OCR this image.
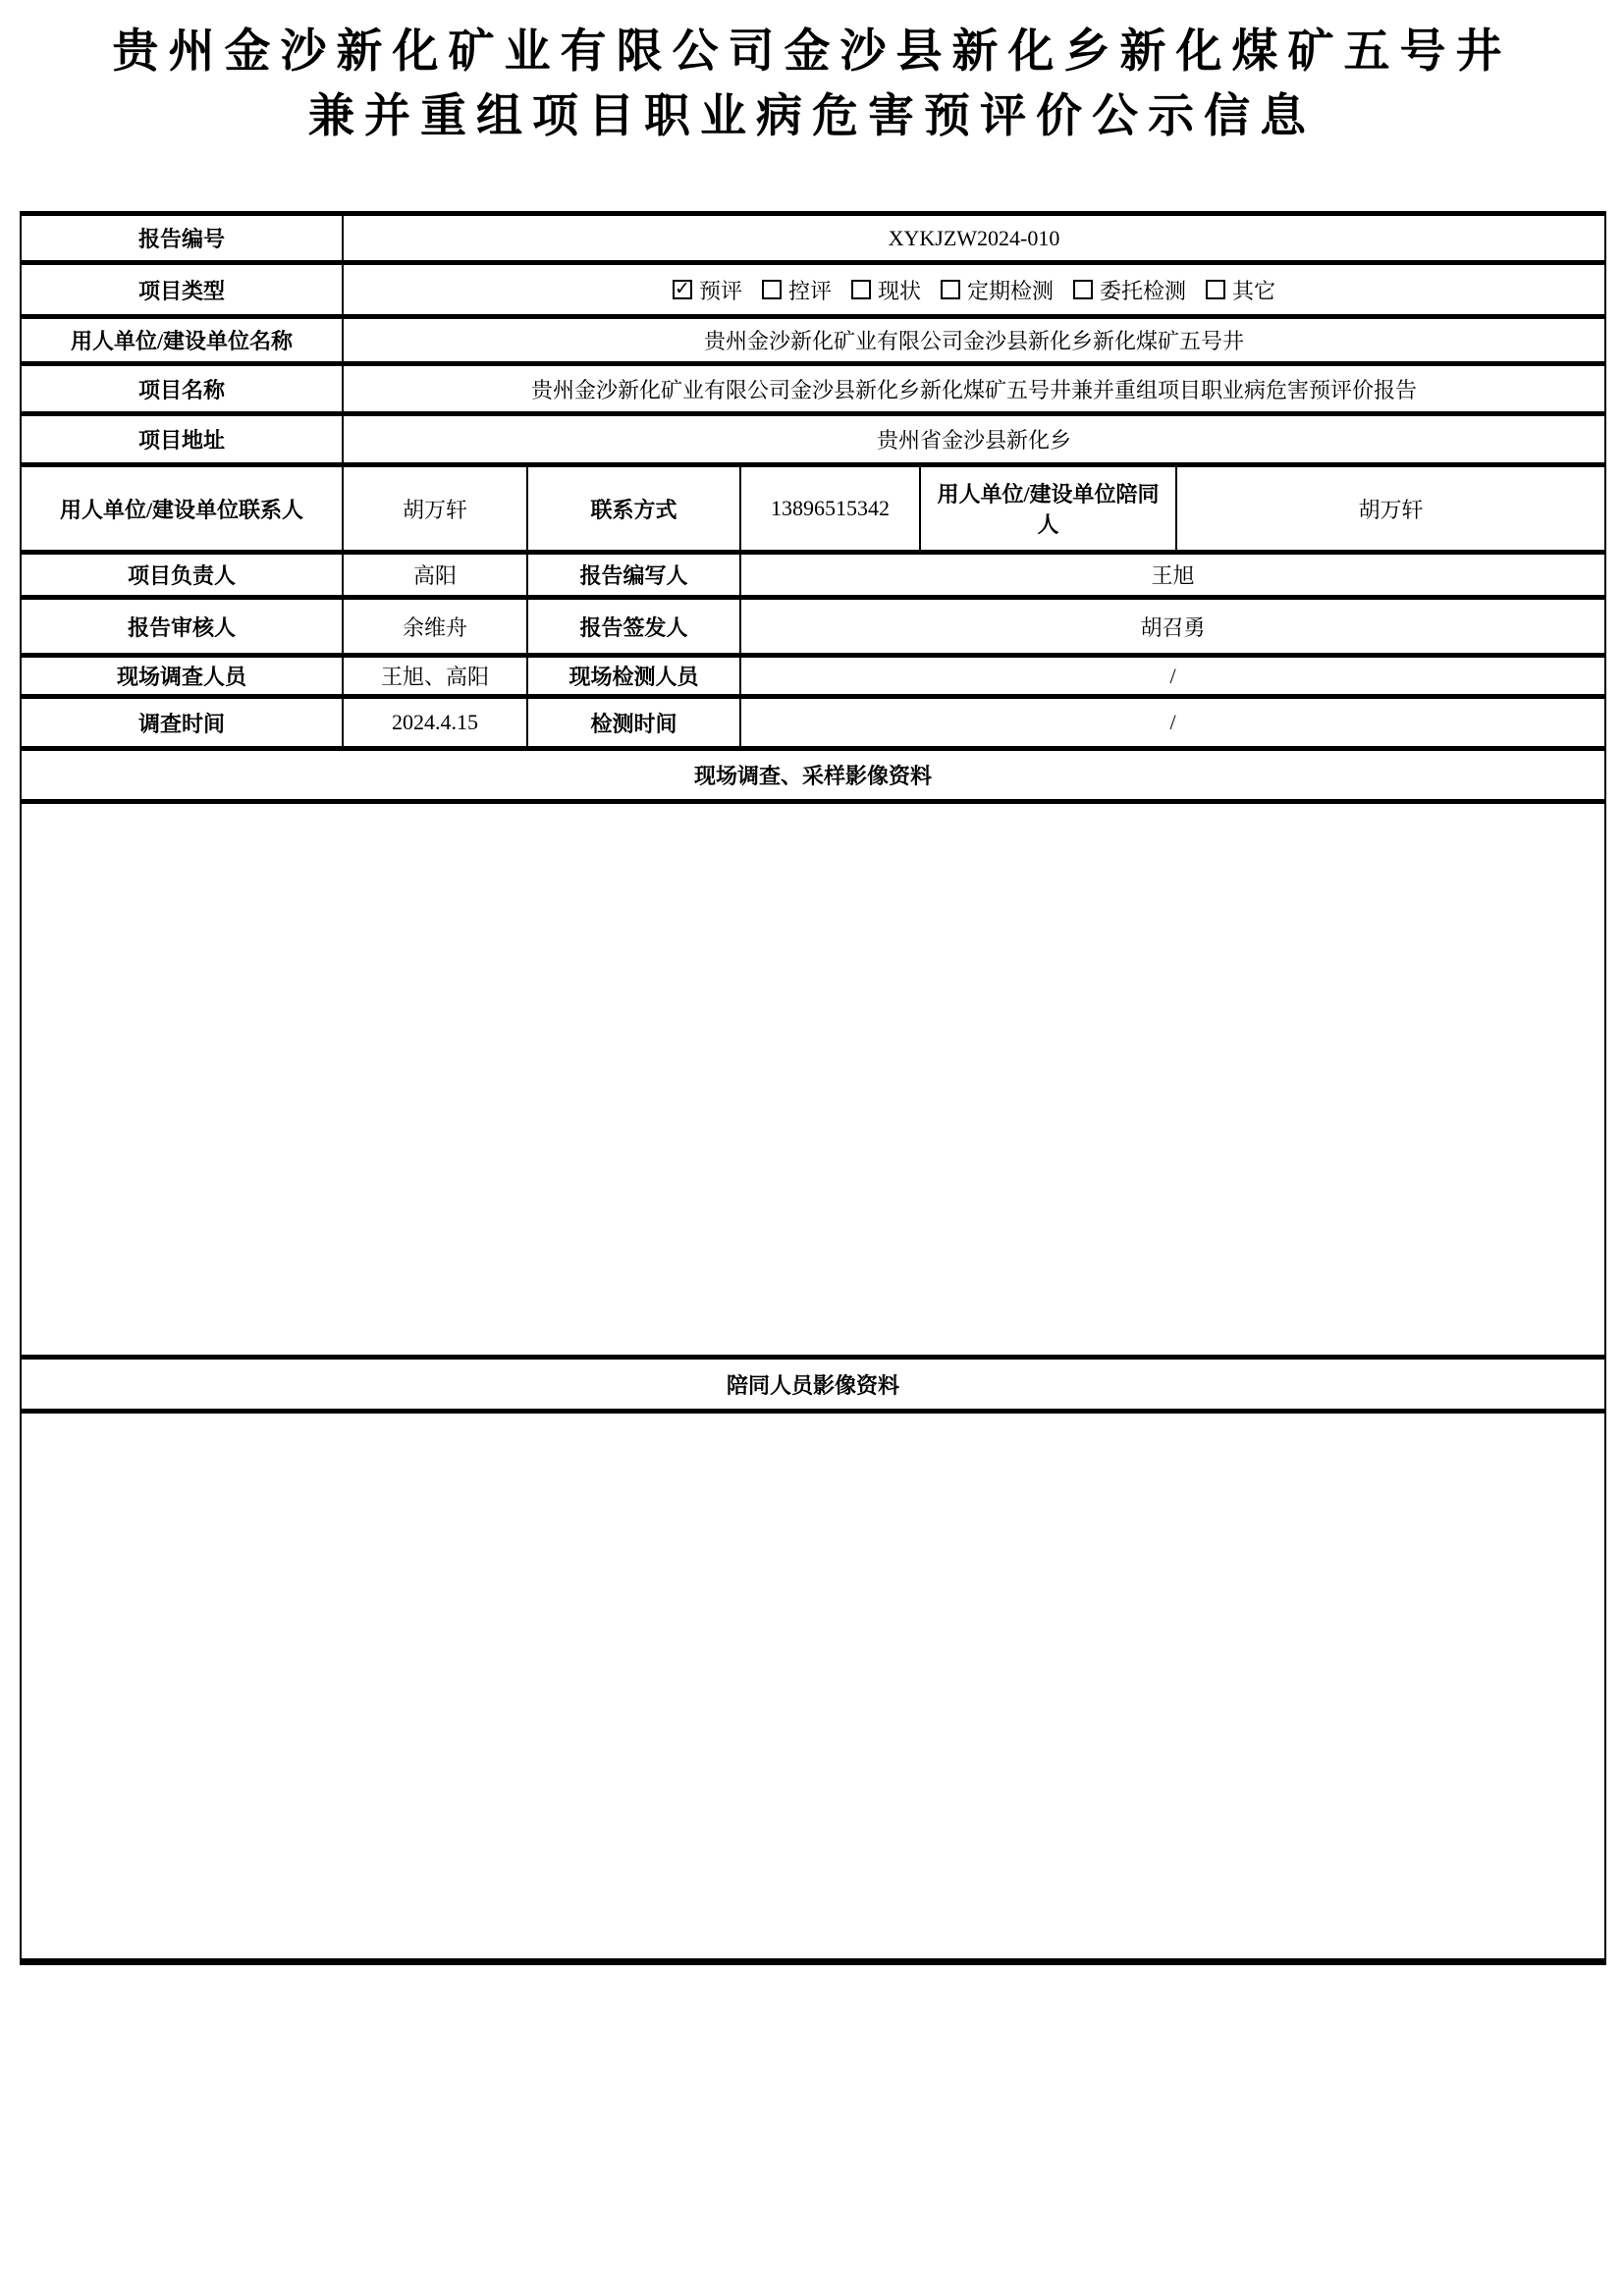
贵州金沙新化矿业有限公司金沙县新化乡新化煤矿五号井
兼并重组项目职业病危害预评价公示信息
报告编号	XYKJZW2024-010				
项目类型	✓ 预评 控评 现状 定期检测 委托检测 其它

用人单位/建设单位名称	贵州金沙新化矿业有限公司金沙县新化乡新化煤矿五号井				
项目名称	贵州金沙新化矿业有限公司金沙县新化乡新化煤矿五号井兼并重组项目职业病危害预评价报告				
项目地址	贵州省金沙县新化乡				
用人单位/建设单位联系人	胡万轩	联系方式	13896515342	用人单位/建设单位陪同人	胡万轩
项目负责人	高阳	报告编写人	王旭		
报告审核人	余维舟	报告签发人	胡召勇		
现场调查人员	王旭、高阳	现场检测人员	/		
调查时间	2024.4.15	检测时间	/		
现场调查、采样影像资料					

陪同人员影像资料					
